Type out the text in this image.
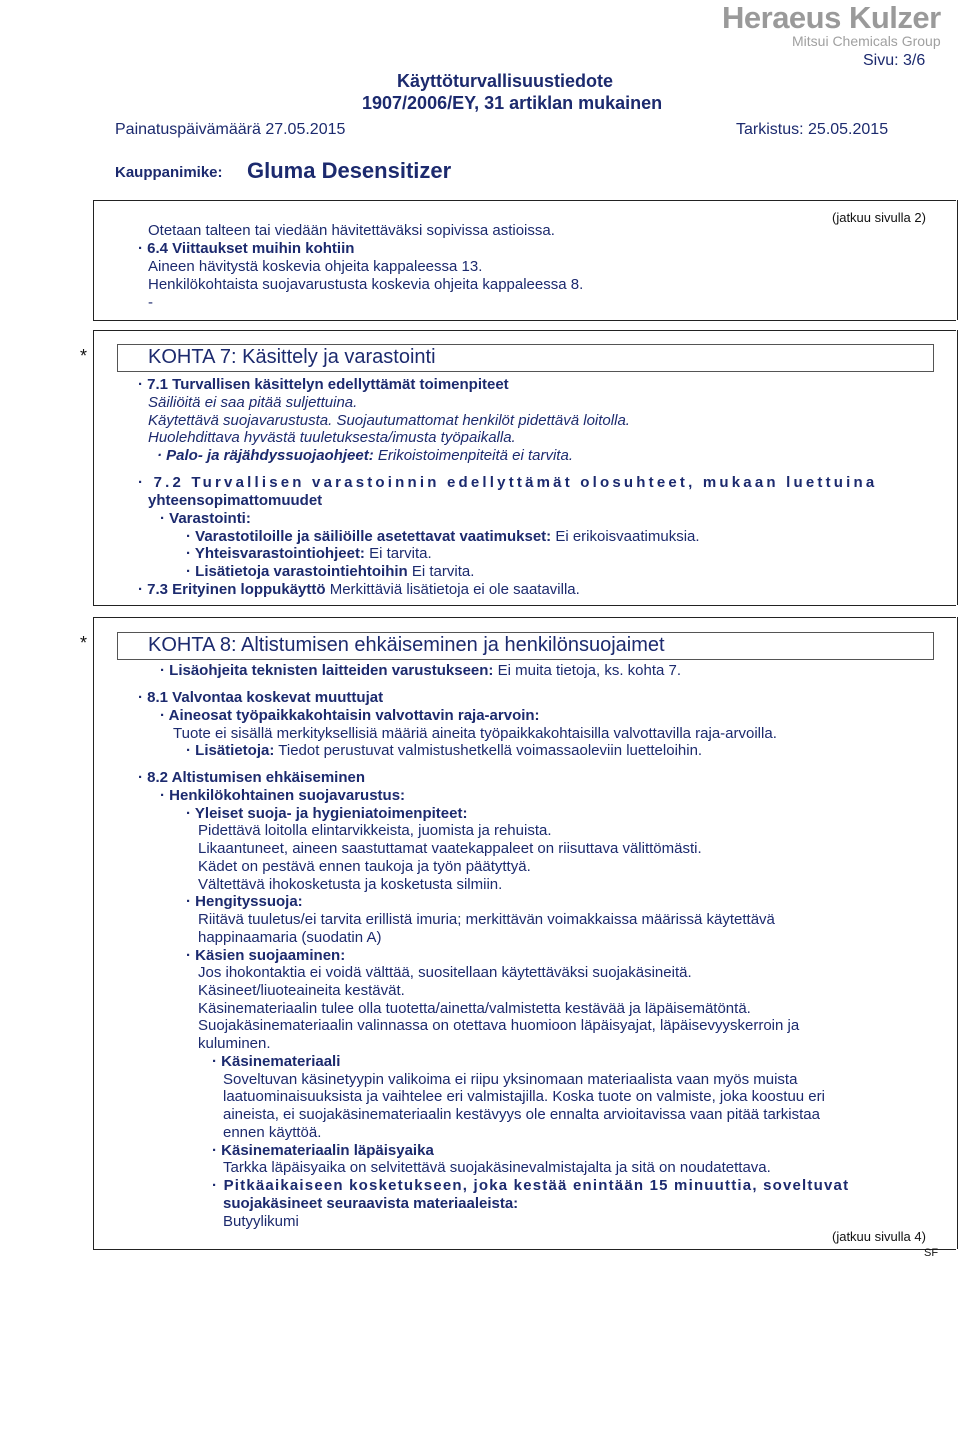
Heraeus Kulzer
Mitsui Chemicals Group
Käyttöturvallisuustiedote
1907/2006/EY, 31 artiklan mukainen
Sivu: 3/6
Painatuspäivämäärä 27.05.2015	Tarkistus: 25.05.2015
Kauppanimike: Gluma Desensitizer
(jatkuu sivulla 2)
Otetaan talteen tai viedään hävitettäväksi sopivissa astioissa.
· 6.4 Viittaukset muihin kohtiin
Aineen hävitystä koskevia ohjeita kappaleessa 13.
Henkilökohtaista suojavarustusta koskevia ohjeita kappaleessa 8.
-
*	KOHTA 7: Käsittely ja varastointi
· 7.1 Turvallisen käsittelyn edellyttämät toimenpiteet
Säiliöitä ei saa pitää suljettuina.
Käytettävä suojavarustusta. Suojautumattomat henkilöt pidettävä loitolla.
Huolehdittava hyvästä tuuletuksesta/imusta työpaikalla.
· Palo- ja räjähdyssuojaohjeet: Erikoistoimenpiteitä ei tarvita.
· 7.2 Turvallisen varastoinnin edellyttämät olosuhteet, mukaan luettuina
yhteensopimattomuudet
· Varastointi:
· Varastotiloille ja säiliöille asetettavat vaatimukset: Ei erikoisvaatimuksia.
· Yhteisvarastointiohjeet: Ei tarvita.
· Lisätietoja varastointiehtoihin Ei tarvita.
· 7.3 Erityinen loppukäyttö Merkittäviä lisätietoja ei ole saatavilla.
*	KOHTA 8: Altistumisen ehkäiseminen ja henkilönsuojaimet
· Lisäohjeita teknisten laitteiden varustukseen: Ei muita tietoja, ks. kohta 7.
· 8.1 Valvontaa koskevat muuttujat
· Aineosat työpaikkakohtaisin valvottavin raja-arvoin:
Tuote ei sisällä merkityksellisiä määriä aineita työpaikkakohtaisilla valvottavilla raja-arvoilla.
· Lisätietoja: Tiedot perustuvat valmistushetkellä voimassaoleviin luetteloihin.
· 8.2 Altistumisen ehkäiseminen
· Henkilökohtainen suojavarustus:
· Yleiset suoja- ja hygieniatoimenpiteet:
Pidettävä loitolla elintarvikkeista, juomista ja rehuista.
Likaantuneet, aineen saastuttamat vaatekappaleet on riisuttava välittömästi.
Kädet on pestävä ennen taukoja ja työn päätyttyä.
Vältettävä ihokosketusta ja kosketusta silmiin.
· Hengityssuoja:
Riitävä tuuletus/ei tarvita erillistä imuria; merkittävän voimakkaissa määrissä käytettävä
happinaamaria (suodatin A)
· Käsien suojaaminen:
Jos ihokontaktia ei voidä välttää, suositellaan käytettäväksi suojakäsineitä.
Käsineet/liuoteaineita kestävät.
Käsinemateriaalin tulee olla tuotetta/ainetta/valmistetta kestävää ja läpäisemätöntä.
Suojakäsinemateriaalin valinnassa on otettava huomioon läpäisyajat, läpäisevyyskerroin ja
kuluminen.
· Käsinemateriaali
Soveltuvan käsinetyypin valikoima ei riipu yksinomaan materiaalista vaan myös muista
laatuominaisuuksista ja vaihtelee eri valmistajilla. Koska tuote on valmiste, joka koostuu eri
aineista, ei suojakäsinemateriaalin kestävyys ole ennalta arvioitavissa vaan pitää tarkistaa
ennen käyttöä.
· Käsinemateriaalin läpäisyaika
Tarkka läpäisyaika on selvitettävä suojakäsinevalmistajalta ja sitä on noudatettava.
· Pitkäaikaiseen kosketukseen, joka kestää enintään 15 minuuttia, soveltuvat
suojakäsineet seuraavista materiaaleista:
Butyylikumi
(jatkuu sivulla 4)
SF
